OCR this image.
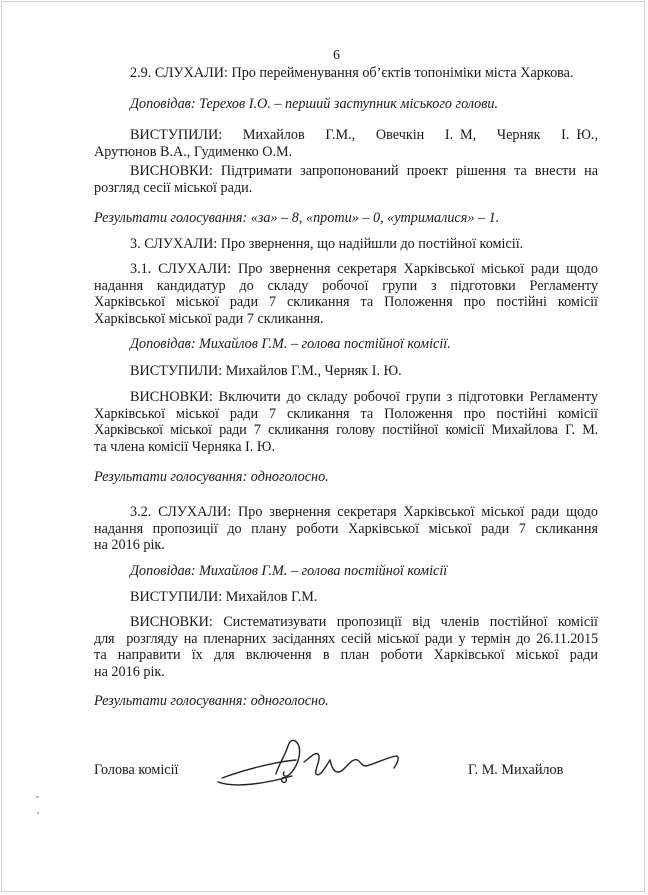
6
2.9. СЛУХАЛИ: Про перейменування об’єктів топоніміки міста Харкова.
Доповідав: Терехов І.О. – перший заступник міського голови.
ВИСТУПИЛИ:   Михайлов   Г.М.,   Овечкін   І. М,   Черняк   І. Ю.,
Арутюнов В.А., Гудименко О.М.
ВИСНОВКИ: Підтримати запропонований проект рішення та внести на
розгляд сесії міської ради.
Результати голосування: «за» – 8, «проти» – 0, «утрималися» – 1.
3. СЛУХАЛИ: Про звернення, що надійшли до постійної комісії.
3.1. СЛУХАЛИ: Про звернення секретаря Харківської міської ради щодо
надання кандидатур до складу робочої групи з підготовки Регламенту
Харківської міської ради 7 скликання та Положення про постійні комісії
Харківської міської ради 7 скликання.
Доповідав: Михайлов Г.М. – голова постійної комісії.
ВИСТУПИЛИ: Михайлов Г.М., Черняк І. Ю.
ВИСНОВКИ: Включити до складу робочої групи з підготовки Регламенту
Харківської міської ради 7 скликання та Положення про постійні комісії
Харківської міської ради 7 скликання голову постійної комісії Михайлова Г. М.
та члена комісії Черняка І. Ю.
Результати голосування: одноголосно.
3.2. СЛУХАЛИ: Про звернення секретаря Харківської міської ради щодо
надання пропозиції до плану роботи Харківської міської ради 7 скликання
на 2016 рік.
Доповідав: Михайлов Г.М. – голова постійної комісії
ВИСТУПИЛИ: Михайлов Г.М.
ВИСНОВКИ: Систематизувати пропозиції від членів постійної комісії
для  розгляду на пленарних засіданнях сесій міської ради у термін до 26.11.2015
та  направити  їх  для  включення  в  план  роботи  Харківської  міської  ради
на 2016 рік.
Результати голосування: одноголосно.
Голова комісії	Г. М. Михайлов
